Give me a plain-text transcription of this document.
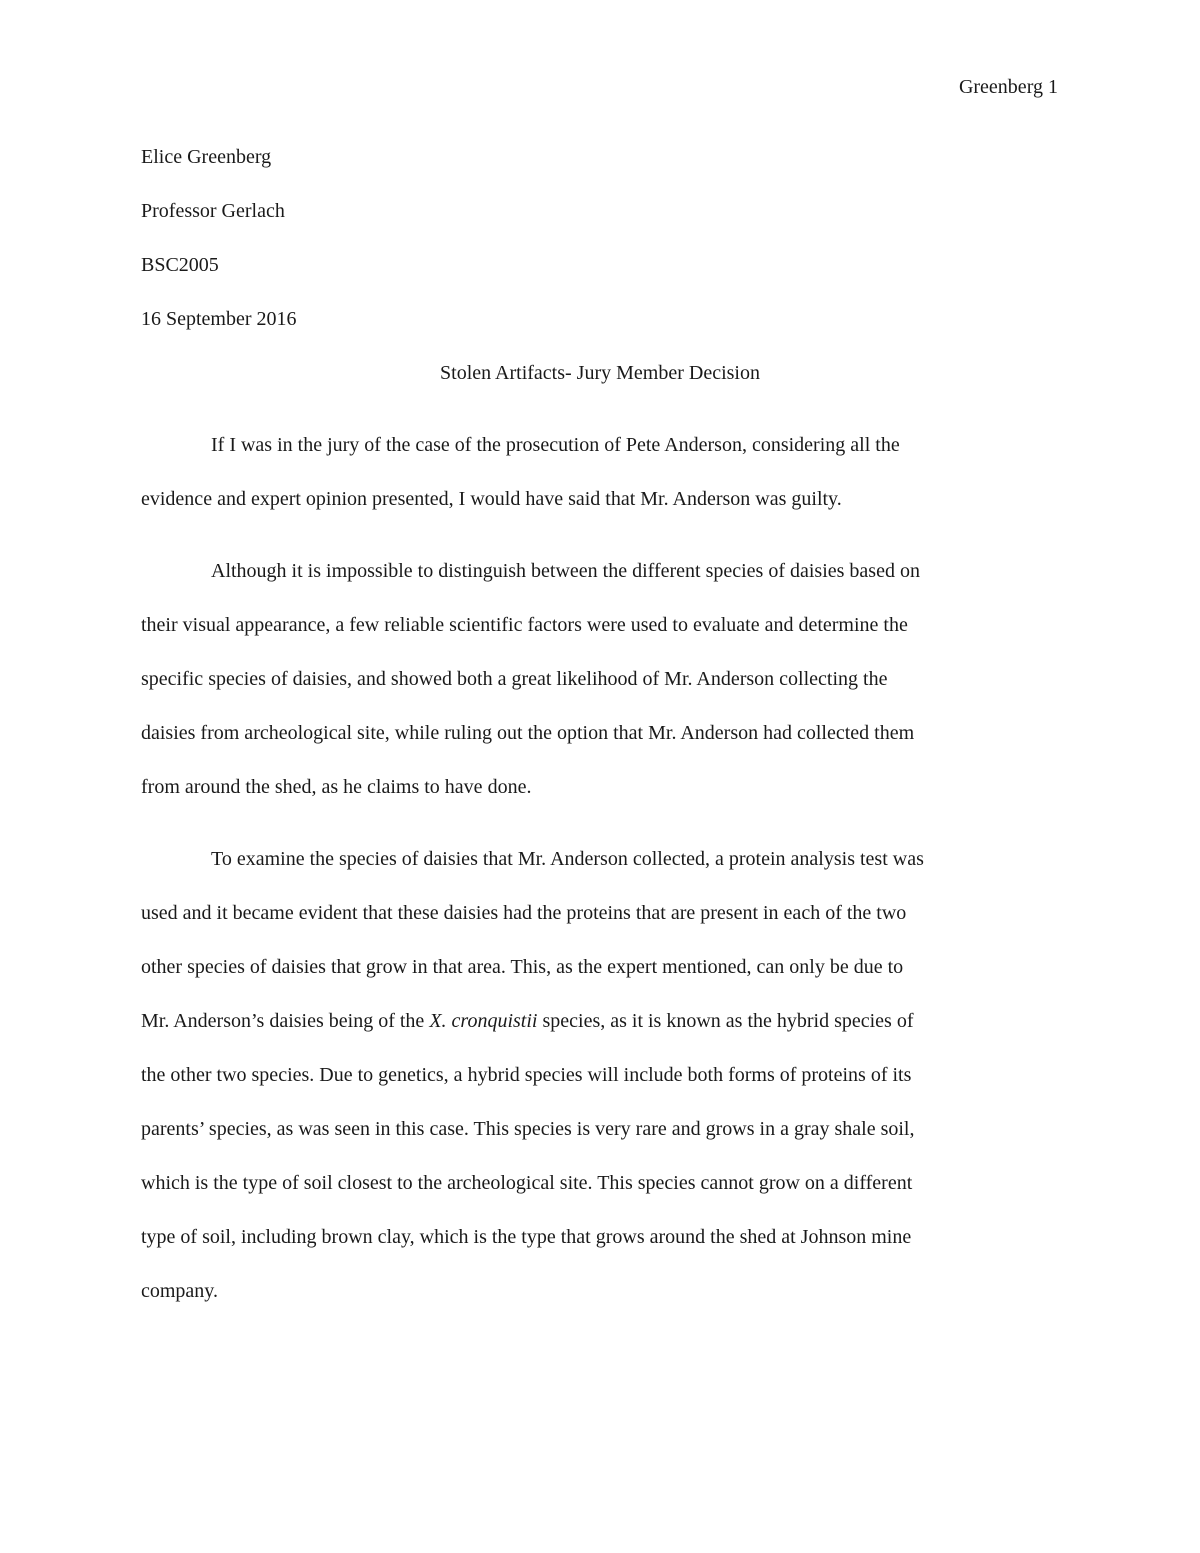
Greenberg 1
Elice Greenberg
Professor Gerlach
BSC2005
16 September 2016
Stolen Artifacts- Jury Member Decision
If I was in the jury of the case of the prosecution of Pete Anderson, considering all the
evidence and expert opinion presented, I would have said that Mr. Anderson was guilty.
Although it is impossible to distinguish between the different species of daisies based on
their visual appearance, a few reliable scientific factors were used to evaluate and determine the
specific species of daisies, and showed both a great likelihood of Mr. Anderson collecting the
daisies from archeological site, while ruling out the option that Mr. Anderson had collected them
from around the shed, as he claims to have done.
To examine the species of daisies that Mr. Anderson collected, a protein analysis test was
used and it became evident that these daisies had the proteins that are present in each of the two
other species of daisies that grow in that area. This, as the expert mentioned, can only be due to
Mr. Anderson’s daisies being of the X. cronquistii species, as it is known as the hybrid species of
the other two species. Due to genetics, a hybrid species will include both forms of proteins of its
parents’ species, as was seen in this case. This species is very rare and grows in a gray shale soil,
which is the type of soil closest to the archeological site. This species cannot grow on a different
type of soil, including brown clay, which is the type that grows around the shed at Johnson mine
company.
